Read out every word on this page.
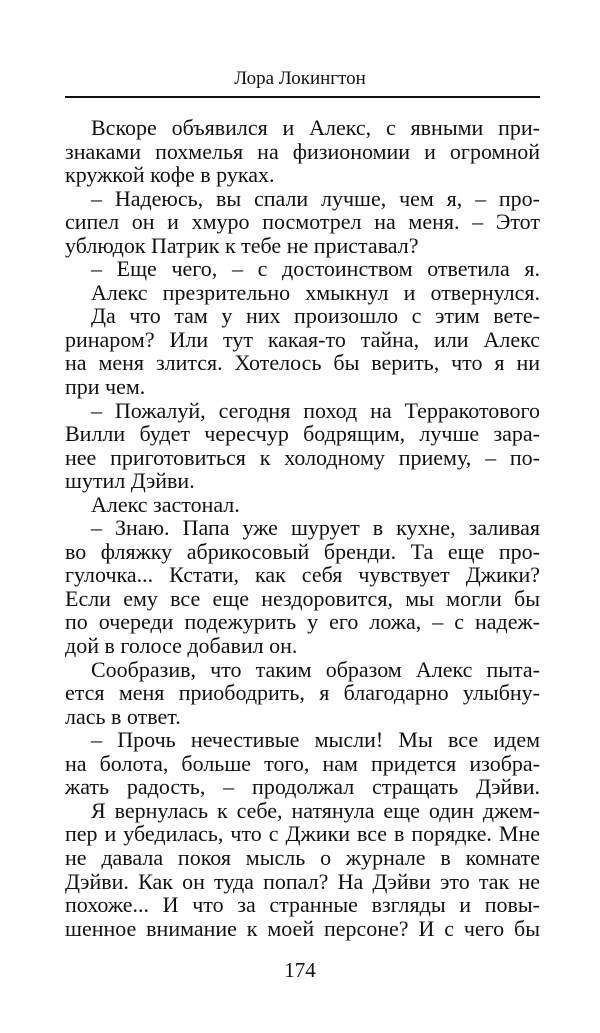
Лора Локингтон
Вскоре объявился и Алекс, с явными при-
знаками похмелья на физиономии и огромной
кружкой кофе в руках.
– Надеюсь, вы спали лучше, чем я, – про-
сипел он и хмуро посмотрел на меня. – Этот
ублюдок Патрик к тебе не приставал?
– Еще чего, – с достоинством ответила я.
Алекс презрительно хмыкнул и отвернулся.
Да что там у них произошло с этим вете-
ринаром? Или тут какая-то тайна, или Алекс
на меня злится. Хотелось бы верить, что я ни
при чем.
– Пожалуй, сегодня поход на Терракотового
Вилли будет чересчур бодрящим, лучше зара-
нее приготовиться к холодному приему, – по-
шутил Дэйви.
Алекс застонал.
– Знаю. Папа уже шурует в кухне, заливая
во фляжку абрикосовый бренди. Та еще про-
гулочка... Кстати, как себя чувствует Джики?
Если ему все еще нездоровится, мы могли бы
по очереди подежурить у его ложа, – с надеж-
дой в голосе добавил он.
Сообразив, что таким образом Алекс пыта-
ется меня приободрить, я благодарно улыбну-
лась в ответ.
– Прочь нечестивые мысли! Мы все идем
на болота, больше того, нам придется изобра-
жать радость, – продолжал стращать Дэйви.
Я вернулась к себе, натянула еще один джем-
пер и убедилась, что с Джики все в порядке. Мне
не давала покоя мысль о журнале в комнате
Дэйви. Как он туда попал? На Дэйви это так не
похоже... И что за странные взгляды и повы-
шенное внимание к моей персоне? И с чего бы
174
